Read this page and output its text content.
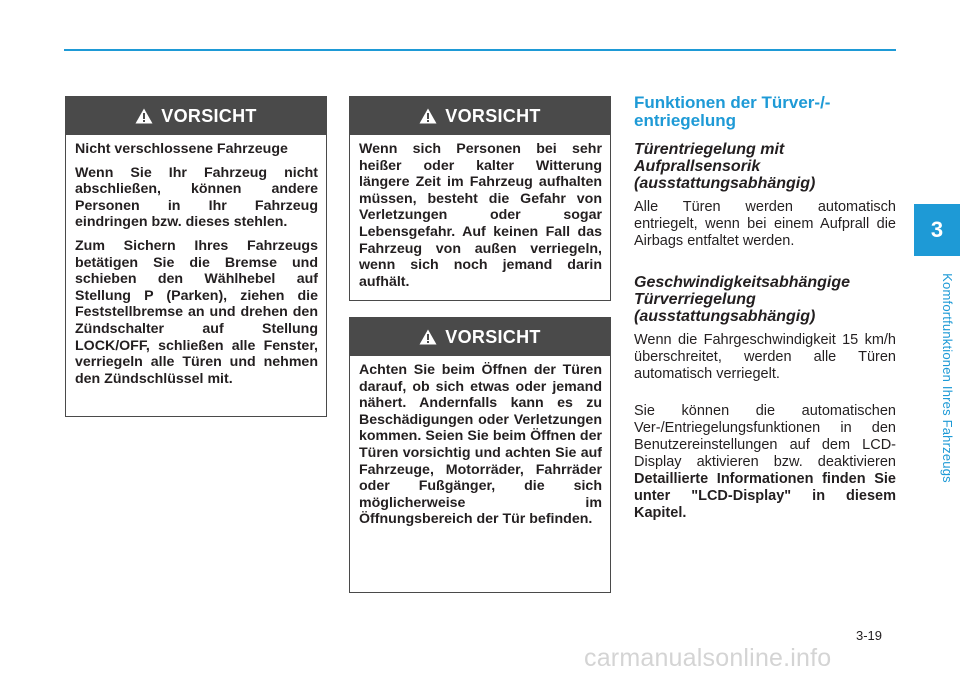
3
Komfortfunktionen Ihres Fahrzeugs
VORSICHT

Nicht verschlossene Fahrzeuge

Wenn Sie Ihr Fahrzeug nicht abschließen, können andere Personen in Ihr Fahrzeug eindringen bzw. dieses stehlen.

Zum Sichern Ihres Fahrzeugs betätigen Sie die Bremse und schieben den Wählhebel auf Stellung P (Parken), ziehen die Feststellbremse an und drehen den Zündschalter auf Stellung LOCK/OFF, schließen alle Fenster, verriegeln alle Türen und nehmen den Zündschlüssel mit.

VORSICHT

Wenn sich Personen bei sehr heißer oder kalter Witterung längere Zeit im Fahrzeug aufhalten müssen, besteht die Gefahr von Verletzungen oder sogar Lebensgefahr. Auf keinen Fall das Fahrzeug von außen verriegeln, wenn sich noch jemand darin aufhält.

VORSICHT

Achten Sie beim Öffnen der Türen darauf, ob sich etwas oder jemand nähert. Andernfalls kann es zu Beschädigungen oder Verletzungen kommen. Seien Sie beim Öffnen der Türen vorsichtig und achten Sie auf Fahrzeuge, Motorräder, Fahrräder oder Fußgänger, die sich möglicherweise im Öffnungsbereich der Tür befinden.

Funktionen der Türver-/-entriegelung
Türentriegelung mit Aufprallsensorik (ausstattungsabhängig)

Alle Türen werden automatisch entriegelt, wenn bei einem Aufprall die Airbags entfaltet werden.

Geschwindigkeitsabhängige Türverriegelung (ausstattungsabhängig)

Wenn die Fahrgeschwindigkeit 15 km/h überschreitet, werden alle Türen automatisch verriegelt.

Sie können die automatischen Ver-/Entriegelungsfunktionen in den Benutzereinstellungen auf dem LCD-Display aktivieren bzw. deaktivieren Detaillierte Informationen finden Sie unter "LCD-Display" in diesem Kapitel.

3-19
carmanualsonline.info
